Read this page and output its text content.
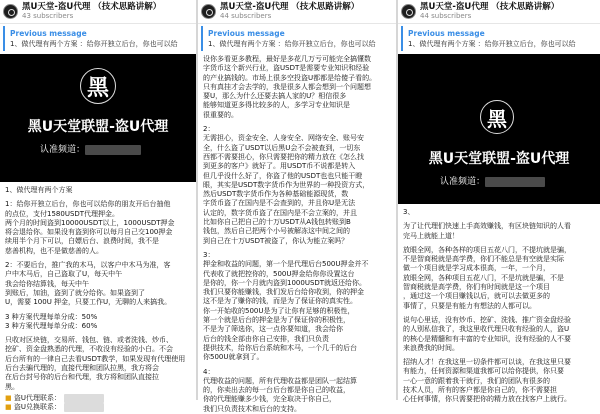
黑U天堂-盗U代理 （技术思路讲解）
43 subscribers
Previous message
1、做代理有两个方案 ：给你开独立后台，你也可以给
黑
黑U天堂联盟-盗U代理
认准频道：
1、做代理有两个方案
1：给你开独立后台，你也可以给你的朋友开后台抽他
的点位，支付1580USDT代理押金。
两个月的时间盗到10000USDT以上，1000USDT押金
将会退给你。如果没有盗到你可以每月自己交100押金
续用半个月下可以，白嫖后台、浪费时间，我不是
慈善机构，也不是做慈善的人。
2：不要后台，推广我的木马，以客户中木马为准，客
户中木马后，自己盗取了U，每天中午
我会给你结算钱，每天中午
到账后，加油，盗到了就分给你。如果盗到了
U，需要 100U 押金，只要工作U，无聊的人来搞我。
3 种方案代理每单分成：50%
3 种方案代理每单分成：60%
只收对区块链，交易所、钱包、链、或者洗钱、炒币、
挖矿、资金盘熟悉的代理，不收没有经验的小白。不会
后台所有的一律自己去看USDT教学，如果发现有代理使用
后台去骗代理的，直接代理和团队拉黑，我方将会
在后台封号你的后台和代理，我方将和团队直接拉
黑。
■
盗U代理联系：
■
盗U兑换联系：
黑U天堂-盗U代理 （技术思路讲解）
44 subscribers
Previous message
1、做代理有两个方案 ：给你开独立后台，你也可以给
设你多看更多教程，最好是多花几万亏可能完全搞懂数
字货币这个新兴行业，盗USDT是需要专业知识和经验
的产业搞钱的。市场上很多空投盗U都都是给傻子看的。
只有真挂才会去学的，我是很多人都会想到一个问题想
要U，那么为什么还要去搞人家的U？相信很多
能够知道更多得比较多的人，多学习专业知识是
很重要的。
2：
无需担心，资金安全、人身安全、网络安全、账号安
全，什么盗了USDT以后黑U会不会被查到，一切东
西都不需要担心，你只需要把你的精力放在《怎么找
到更多的客户》就好了。用USDT币不说都是转入
但几乎没什么好了，你盗了他的USDT也也只能干瞪
眼，其实是USDT数字货币作为世界的一种投资方式，
然后USDT数字货币作为各种基础能源现货，数
字货币盗了在国内是不会查到的，并且你U是无法
认定的，数字货币盗了在国内是不会立案的，并且
比如你自己把自己的十万USDT从A钱包转账到B
钱包，然后自己把两个小号被解冻这中间之间的
到自己在十万USDT被盗了，你认为能立案吗？
3：
押金和收益的问题，第一个是代理后台500U押金并不
代表收了就把控你的，500U押金给你你设置这台
是你的，你一个月就内盗到1000USDT就返还给你。
我们只要你能赚钱，我们发后台给你收到，你的押金
这不是为了赚你的钱，而是为了保证你的真实性。
你一开始收的500U是为了让你有足够的积极性，
第一个就是后台的押金是为了保证你的积极性，
不是为了筛选你，这一点你要知道，我会给你
后台的钱全部由你自己安排，我们只负责
提供技术，给你后台系统和木马，一个几千的后台
你500U就拿到了。
4：
代理收益的问题，所有代理收益都是团队一起结算
的，你卖出去的每一台后台都是你自己的收益，
你的代理能赚多少钱，完全取决于你自己，
我们只负责技术和后台的支持。
黑U天堂-盗U代理 （技术思路讲解）
44 subscribers
Previous message
1、做代理有两个方案 ：给你开独立后台，你也可以给
黑
黑U天堂联盟-盗U代理
认准频道：
3、
为了让代理们快速上手高效赚钱，有区块链知识的人看
完马上就能上道！
放眼全网，各种各样的项目五花八门，不提坑就是骗，
不是智商税就是高学费，你们不能总是有空就是实际
做一个项目就是学习成本很高，一年，一个月，
放眼全网，各种项目五花八门，不是坑就是骗，不是
智商税就是高学费，你们有时间就是这一个项目
，通过这一个项目赚钱以后，就可以去做更多的
事情了，只要是有能力有想法的人都可以。
说句心里话，没有炒币、挖矿、洗钱、推广资金盘经验
的人别私信我了，我这里收代理只收有经验的人，盗U
的核心是精髓和有丰富的专业知识，没有经验的人不要
来浪费我的时间。
招纳人才！在我这里一切条件都可以谈，在我这里只要
有能力，任何资源和渠道我都可以给你提供，你只要
一心一意的跟着我干就行，我们的团队有很多的
技术人员，所有的客户都是你自己的，你不需要担
心任何事情，你只需要把你的精力放在找客户上就行。
